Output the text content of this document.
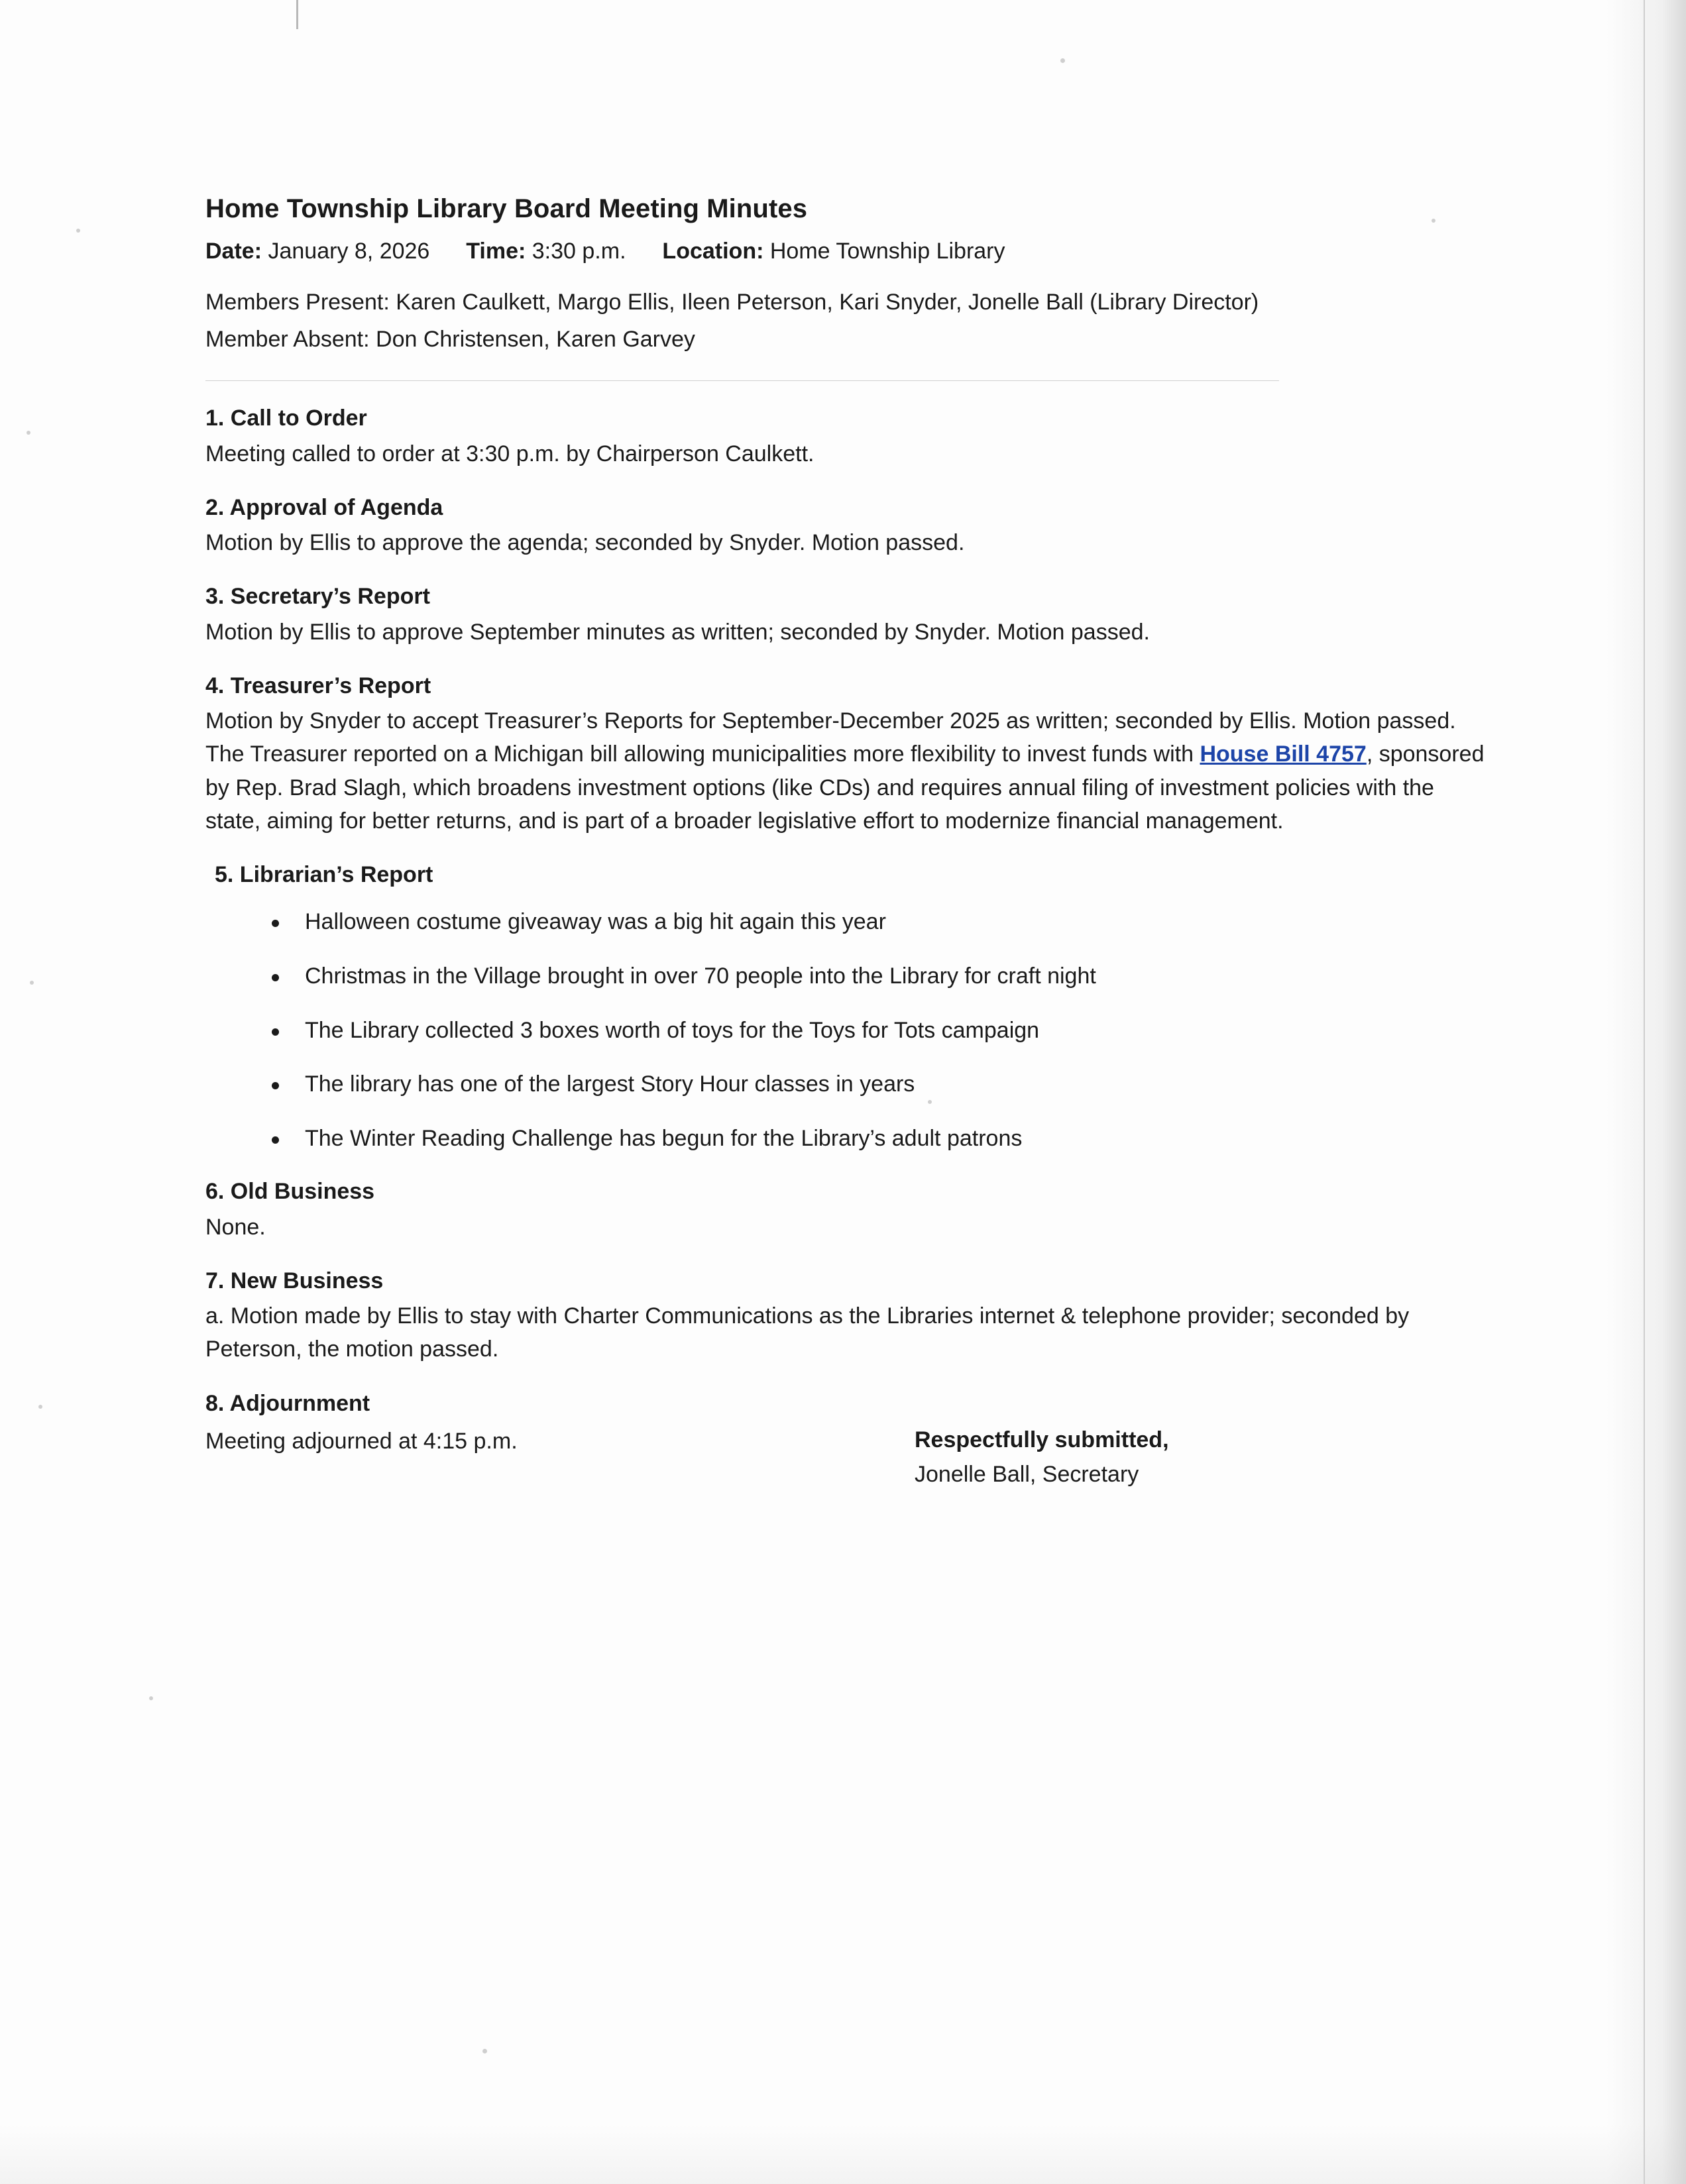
Home Township Library Board Meeting Minutes

Date: January 8, 2026 Time: 3:30 p.m. Location: Home Township Library

Members Present: Karen Caulkett, Margo Ellis, Ileen Peterson, Kari Snyder, Jonelle Ball (Library Director)

Member Absent: Don Christensen, Karen Garvey

1. Call to Order

Meeting called to order at 3:30 p.m. by Chairperson Caulkett.

2. Approval of Agenda

Motion by Ellis to approve the agenda; seconded by Snyder. Motion passed.

3. Secretary’s Report

Motion by Ellis to approve September minutes as written; seconded by Snyder. Motion passed.

4. Treasurer’s Report

Motion by Snyder to accept Treasurer’s Reports for September-December 2025 as written; seconded by Ellis. Motion passed. The Treasurer reported on a Michigan bill allowing municipalities more flexibility to invest funds with House Bill 4757, sponsored by Rep. Brad Slagh, which broadens investment options (like CDs) and requires annual filing of investment policies with the state, aiming for better returns, and is part of a broader legislative effort to modernize financial management.

5. Librarian’s Report
Halloween costume giveaway was a big hit again this year
Christmas in the Village brought in over 70 people into the Library for craft night
The Library collected 3 boxes worth of toys for the Toys for Tots campaign
The library has one of the largest Story Hour classes in years
The Winter Reading Challenge has begun for the Library’s adult patrons
6. Old Business

None.

7. New Business

a. Motion made by Ellis to stay with Charter Communications as the Libraries internet & telephone provider; seconded by Peterson, the motion passed.

8. Adjournment

Meeting adjourned at 4:15 p.m.	Respectfully submitted,

Jonelle Ball, Secretary
